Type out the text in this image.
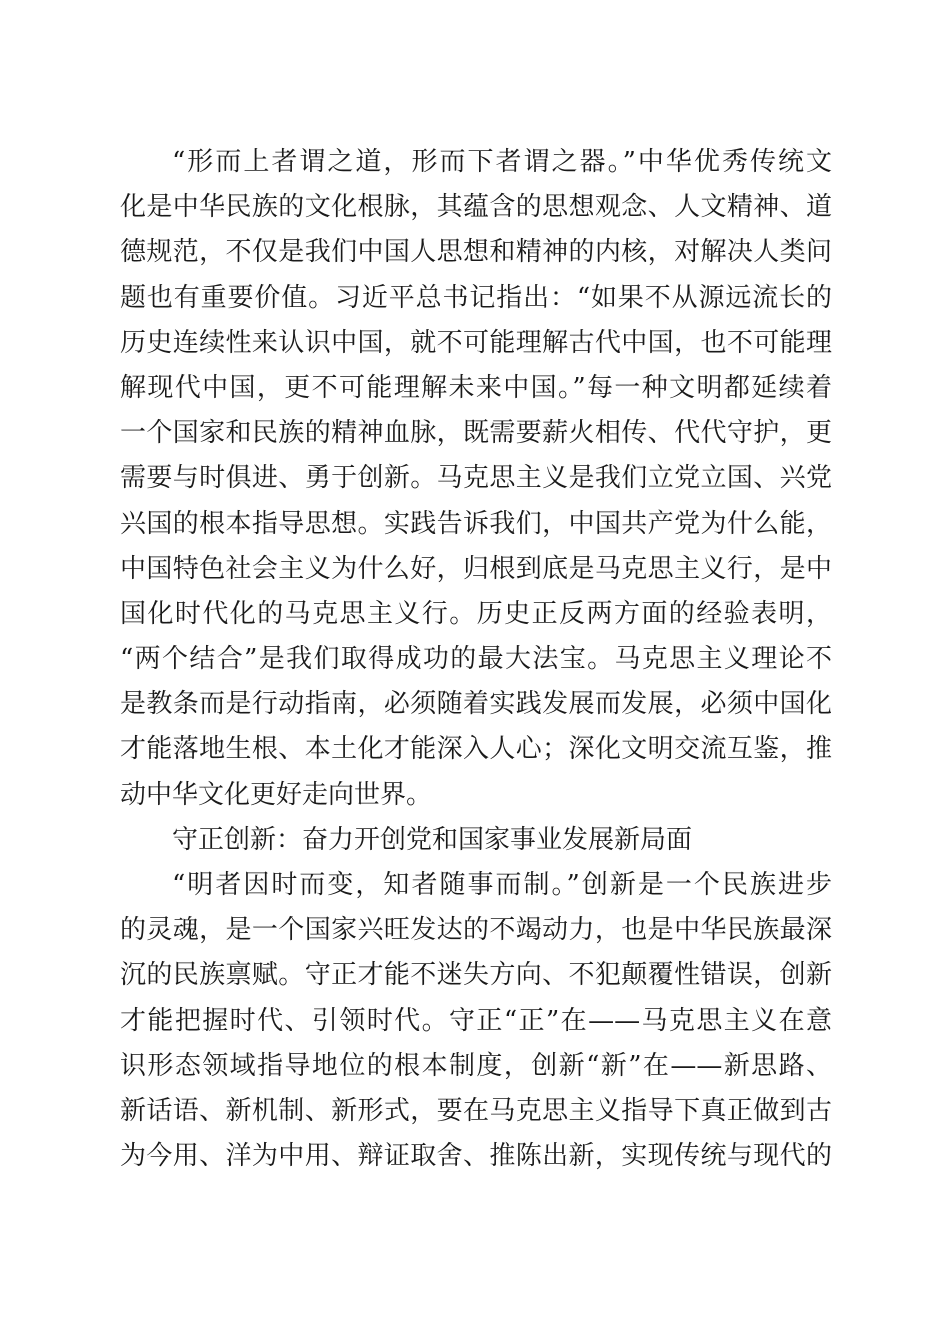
“形而上者谓之道，形而下者谓之器。”中华优秀传统文
化是中华民族的文化根脉，其蕴含的思想观念、人文精神、道
德规范，不仅是我们中国人思想和精神的内核，对解决人类问
题也有重要价值。习近平总书记指出：“如果不从源远流长的
历史连续性来认识中国，就不可能理解古代中国，也不可能理
解现代中国，更不可能理解未来中国。”每一种文明都延续着
一个国家和民族的精神血脉，既需要薪火相传、代代守护，更
需要与时俱进、勇于创新。马克思主义是我们立党立国、兴党
兴国的根本指导思想。实践告诉我们，中国共产党为什么能，
中国特色社会主义为什么好，归根到底是马克思主义行，是中
国化时代化的马克思主义行。历史正反两方面的经验表明，
“两个结合”是我们取得成功的最大法宝。马克思主义理论不
是教条而是行动指南，必须随着实践发展而发展，必须中国化
才能落地生根、本土化才能深入人心；深化文明交流互鉴，推
动中华文化更好走向世界。
守正创新：奋力开创党和国家事业发展新局面
“明者因时而变，知者随事而制。”创新是一个民族进步
的灵魂，是一个国家兴旺发达的不竭动力，也是中华民族最深
沉的民族禀赋。守正才能不迷失方向、不犯颠覆性错误，创新
才能把握时代、引领时代。守正“正”在——马克思主义在意
识形态领域指导地位的根本制度，创新“新”在——新思路、
新话语、新机制、新形式，要在马克思主义指导下真正做到古
为今用、洋为中用、辩证取舍、推陈出新，实现传统与现代的
